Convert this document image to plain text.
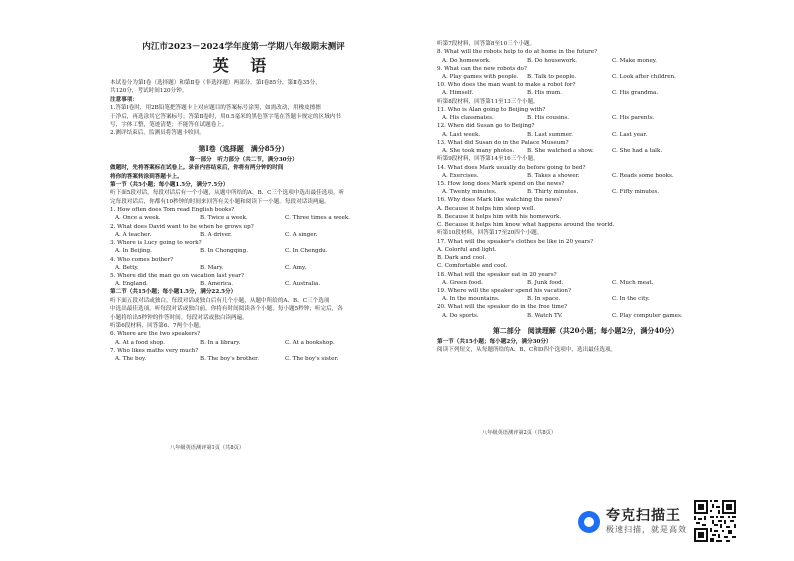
内江市2023－2024学年度第一学期八年级期末测评
英 语
本试卷分为第Ⅰ卷（选择题）和第Ⅱ卷（非选择题）两部分。第Ⅰ卷85分，第Ⅱ卷35分，
共120分，考试时间120分钟。
注意事项：
1.答第Ⅰ卷时，用2B铅笔把答题卡上对应题目的答案标号涂黑，如需改动，用橡皮擦擦
干净后，再选涂其它答案标号；答第Ⅱ卷时，用0.5毫米的黑色签字笔在答题卡规定的区域内书
写，字体工整，笔迹清楚；不能答在试题卷上。
2.测评结束后，监测员将答题卡收回。
第Ⅰ卷（选择题　满分85分）
第一部分　听力部分（共二节，满分30分）
做题时，先将答案标在试卷上。录音内容结束后，你将有两分钟的时间
将你的答案转涂到答题卡上。
第一节（共5小题；每小题1.5分，满分7.5分）
听下面5段对话，每段对话后有一个小题，从题中所给的A、B、C三个选项中选出最佳选项。听
完每段对话后，你都有10秒钟的时间来回答有关小题和阅读下一小题。每段对话读两遍。
1. How often does Tom read English books?
A. Once a week.	B. Twice a week.	C. Three times a week.
2. What does David want to be when he grows up?
A. A teacher.	B. A driver.	C. A singer.
3. Where is Lucy going to work?
A. In Beijing.	B. In Chongqing.	C. In Chengdu.
4. Who comes bother?
A. Betty.	B. Mary.	C. Amy.
5. Where did the man go on vacation last year?
A. England.	B. America.	C. Australia.
第二节（共15小题；每小题1.5分，满分22.5分）
听下面五段对话或独白。每段对话或独白后有几个小题，从题中所给的A、B、C三个选项
中选出最佳选项。听每段对话或独白前，你将有时间阅读各个小题，每小题5秒钟；听完后，各
小题将给出5秒钟的作答时间。每段对话或独白读两遍。
听第6段材料，回答第6、7两个小题。
6. Where are the two speakers?
A. At a food shop.	B. In a library.	C. At a bookshop.
7. Who likes maths very much?
A. The boy.	B. The boy's brother.	C. The boy's sister.
八年级英语测评第1页（共8页）
听第7段材料，回答第8至10三个小题。
8. What will the robots help to do at home in the future?
A. Do homework.	B. Do housework.	C. Make money.
9. What can the new robots do?
A. Play games with people.	B. Talk to people.	C. Look after children.
10. Who does the man want to make a robot for?
A. Himself.	B. His mum.	C. His grandma.
听第8段材料，回答第11至13三个小题。
11. Who is Alan going to Beijing with?
A. His classmates.	B. His cousins.	C. His parents.
12. When did Susan go to Beijing?
A. Last week.	B. Last summer.	C. Last year.
13. What did Susan do in the Palace Museum?
A. She took many photos.	B. She watched a show.	C. She had a talk.
听第9段材料，回答第14至16三个小题。
14. What does Mark usually do before going to bed?
A. Exercises.	B. Takes a shower.	C. Reads some books.
15. How long does Mark spend on the news?
A. Twenty minutes.	B. Thirty minutes.	C. Fifty minutes.
16. Why does Mark like watching the news?
A. Because it helps him sleep well.
B. Because it helps him with his homework.
C. Because it helps him know what happens around the world.
听第10段材料，回答第17至20四个小题。
17. What will the speaker's clothes be like in 20 years?
A. Colorful and light.
B. Dark and cool.
C. Comfortable and cool.
18. What will the speaker eat in 20 years?
A. Green food.	B. Junk food.	C. Much meat.
19. Where will the speaker spend his vacation?
A. In the mountains.	B. In space.	C. In the city.
20. What will the speaker do in the free time?
A. Do sports.	B. Watch TV.	C. Play computer games.
第二部分　阅读理解（共20小题；每小题2分，满分40分）
第一节（共15小题；每小题2分，满分30分）
阅读下列短文，从每题所给的A、B、C和D四个选项中，选出最佳选项。
八年级英语测评第2页（共8页）
夸克扫描王
极速扫描，就是高效
